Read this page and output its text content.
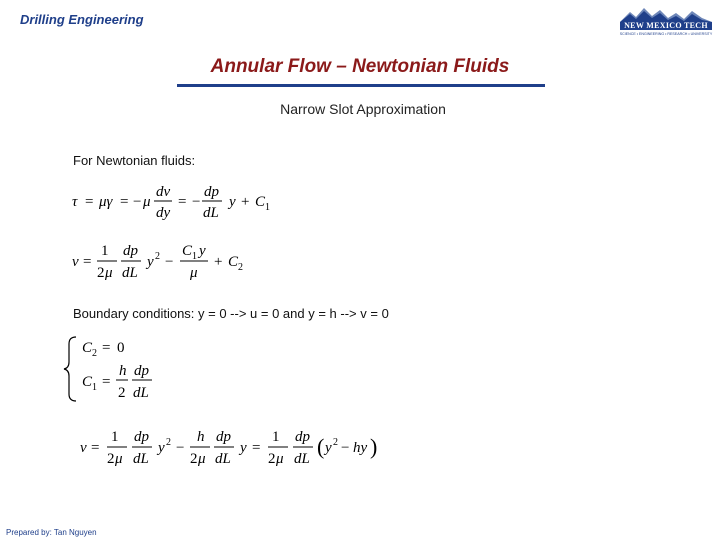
Drilling Engineering	NEW MEXICO TECH
SCIENCE • ENGINEERING • RESEARCH • UNIVERSITY
Annular Flow – Newtonian Fluids
Narrow Slot Approximation
For Newtonian fluids:
τ = μγ = − μ
dv
dy
= −
dp
dL
y + C 1
v =
1
2 μ
dp
dL
y 2 −
C 1 y
μ
+ C 2
Boundary conditions: y = 0 --> u = 0 and y = h --> v = 0
C 2 = 0
C 1 =
h
2
dp
dL
v =
1
2 μ
dp
dL
y 2 −
h
2 μ
dp
dL
y =
1
2 μ
dp
dL ( y 2 − hy )
Prepared by: Tan Nguyen
